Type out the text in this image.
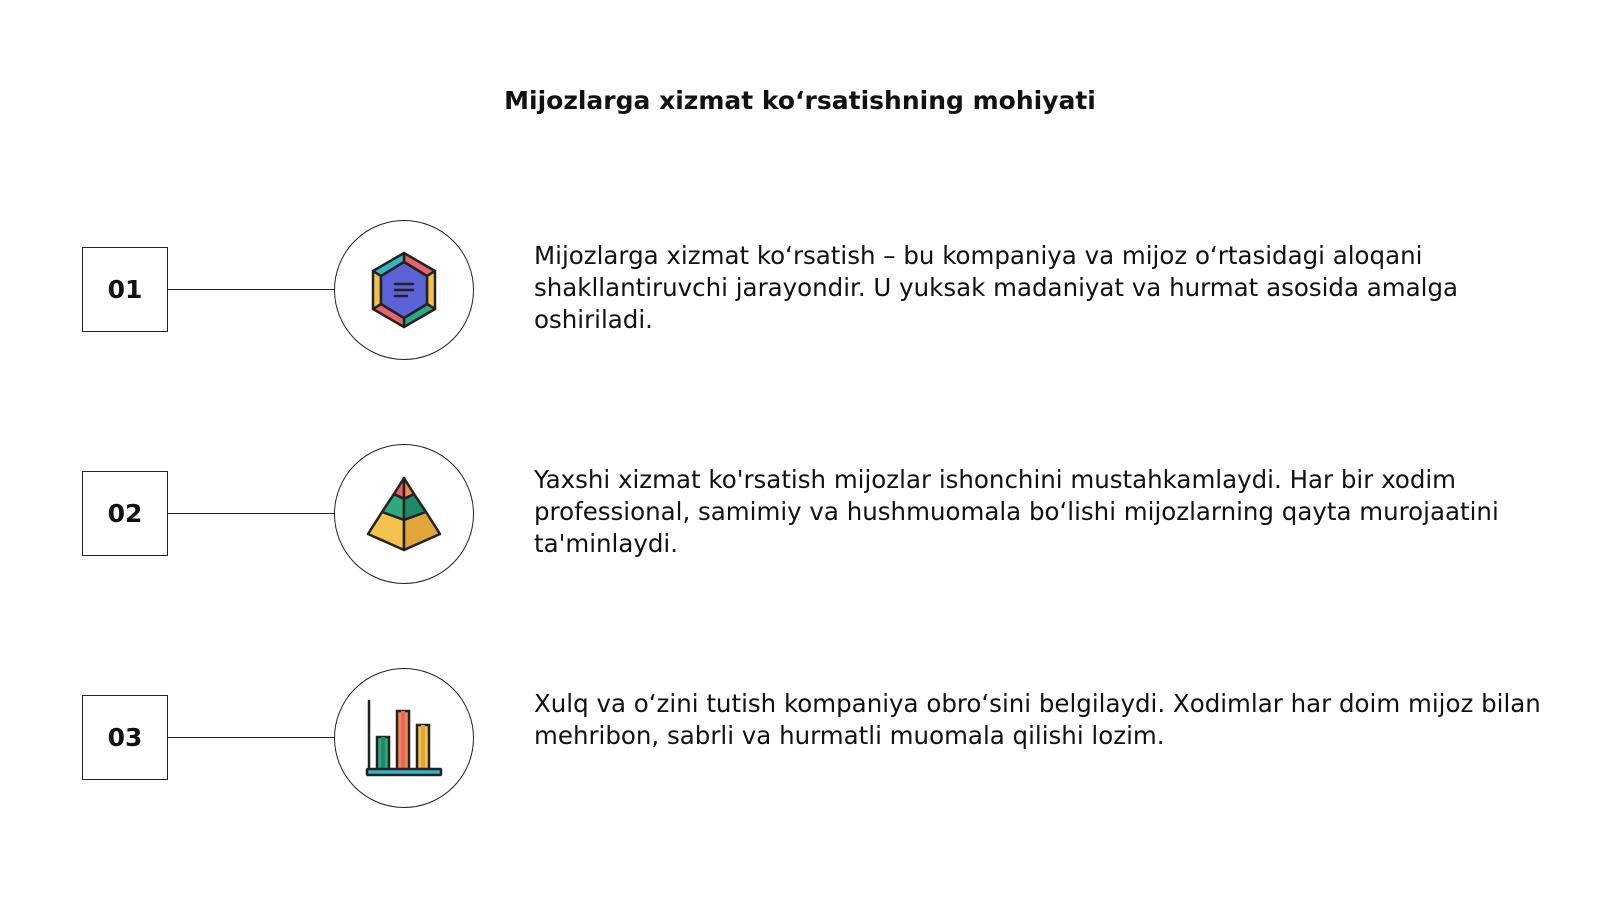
Mijozlarga xizmat ko‘rsatishning mohiyati
01
Mijozlarga xizmat ko‘rsatish – bu kompaniya va mijoz o‘rtasidagi aloqani shakllantiruvchi jarayondir. U yuksak madaniyat va hurmat asosida amalga oshiriladi.
02
Yaxshi xizmat ko'rsatish mijozlar ishonchini mustahkamlaydi. Har bir xodim professional, samimiy va hushmuomala bo‘lishi mijozlarning qayta murojaatini ta'minlaydi.
03
Xulq va o‘zini tutish kompaniya obro‘sini belgilaydi. Xodimlar har doim mijoz bilan mehribon, sabrli va hurmatli muomala qilishi lozim.
